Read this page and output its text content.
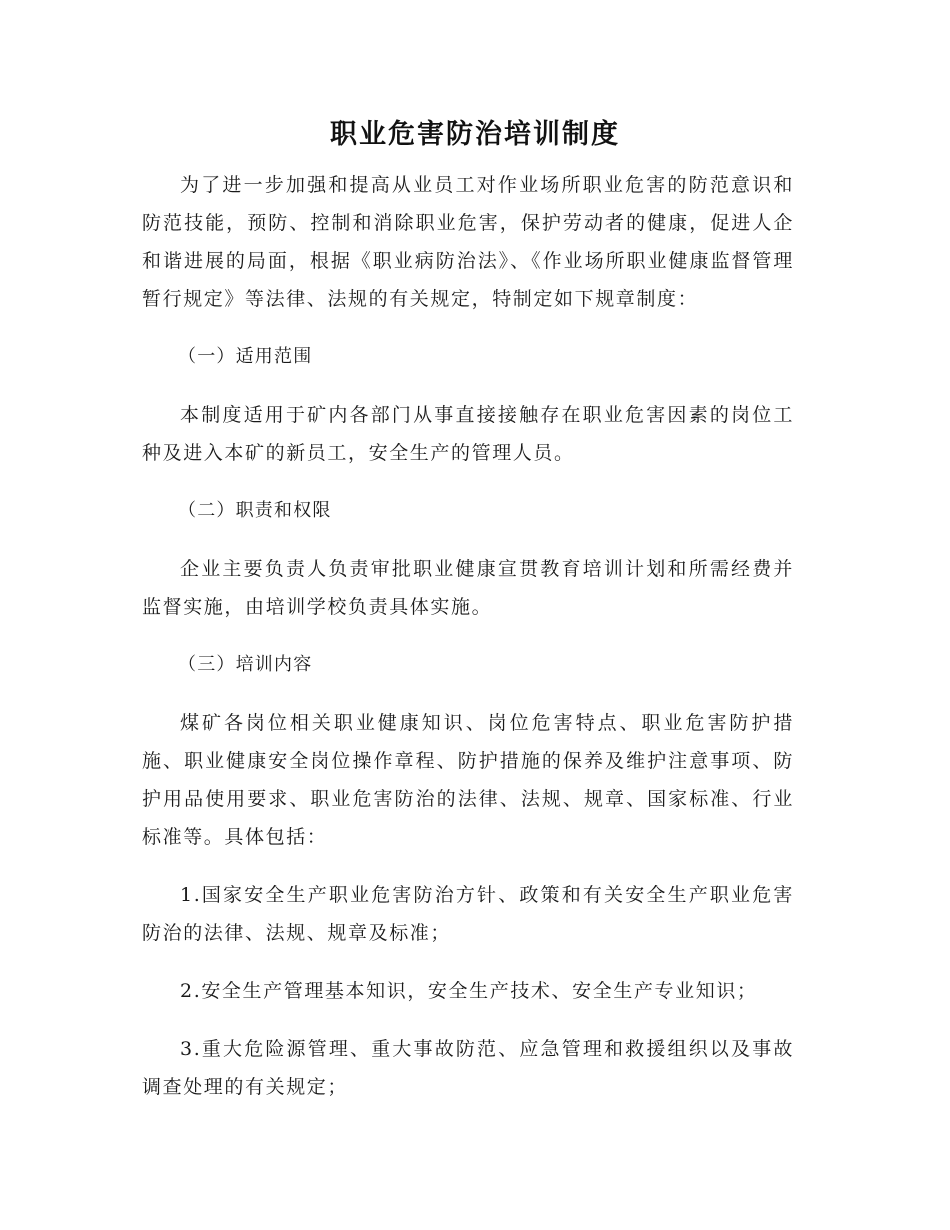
职业危害防治培训制度

为了进一步加强和提高从业员工对作业场所职业危害的防范意识和防范技能，预防、控制和消除职业危害，保护劳动者的健康，促进人企和谐进展的局面，根据《职业病防治法》、《作业场所职业健康监督管理暂行规定》等法律、法规的有关规定，特制定如下规章制度：

（一）适用范围

本制度适用于矿内各部门从事直接接触存在职业危害因素的岗位工种及进入本矿的新员工，安全生产的管理人员。

（二）职责和权限

企业主要负责人负责审批职业健康宣贯教育培训计划和所需经费并监督实施，由培训学校负责具体实施。

（三）培训内容

煤矿各岗位相关职业健康知识、岗位危害特点、职业危害防护措施、职业健康安全岗位操作章程、防护措施的保养及维护注意事项、防护用品使用要求、职业危害防治的法律、法规、规章、国家标准、行业标准等。具体包括：

1.国家安全生产职业危害防治方针、政策和有关安全生产职业危害防治的法律、法规、规章及标准；

2.安全生产管理基本知识，安全生产技术、安全生产专业知识；

3.重大危险源管理、重大事故防范、应急管理和救援组织以及事故调查处理的有关规定；
